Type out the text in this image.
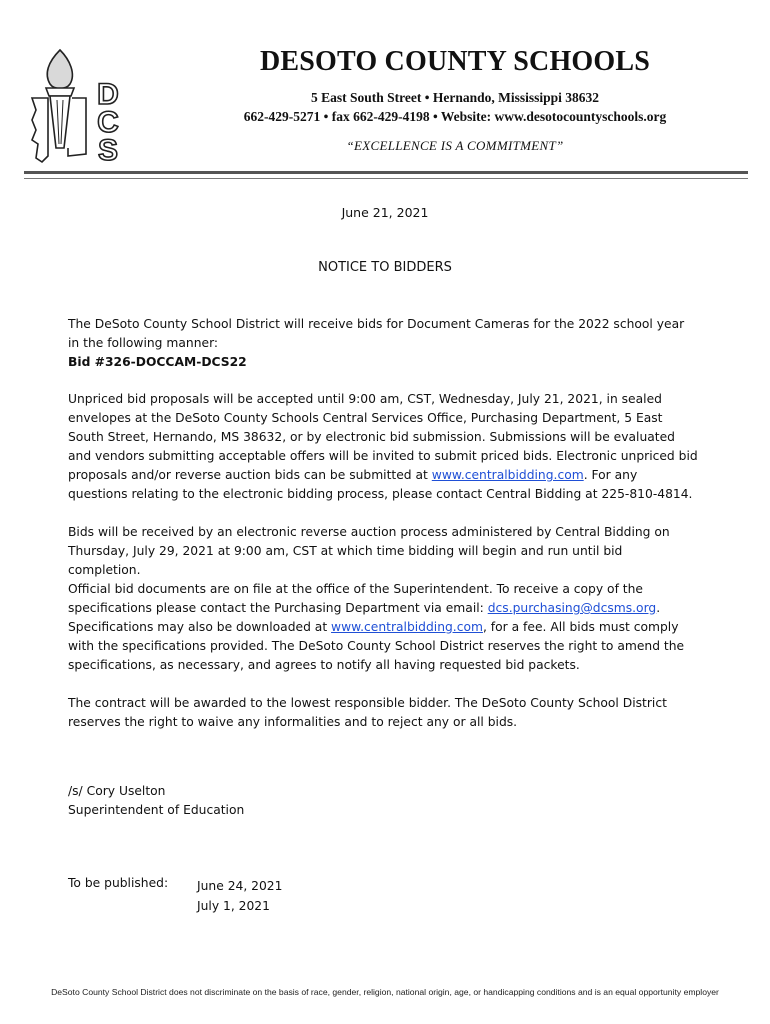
D
C
S
DESOTO COUNTY SCHOOLS
5 East South Street • Hernando, Mississippi 38632
662-429-5271 • fax 662-429-4198 • Website: www.desotocountyschools.org
“EXCELLENCE IS A COMMITMENT”
June 21, 2021
NOTICE TO BIDDERS

The DeSoto County School District will receive bids for Document Cameras for the 2022 school year in the following manner:

Bid #326-DOCCAM-DCS22

Unpriced bid proposals will be accepted until 9:00 am, CST, Wednesday, July 21, 2021, in sealed envelopes at the DeSoto County Schools Central Services Office, Purchasing Department, 5 East South Street, Hernando, MS 38632, or by electronic bid submission. Submissions will be evaluated and vendors submitting acceptable offers will be invited to submit priced bids. Electronic unpriced bid proposals and/or reverse auction bids can be submitted at www.centralbidding.com. For any questions relating to the electronic bidding process, please contact Central Bidding at 225-810-4814.

Bids will be received by an electronic reverse auction process administered by Central Bidding on Thursday, July 29, 2021 at 9:00 am, CST at which time bidding will begin and run until bid completion.

Official bid documents are on file at the office of the Superintendent. To receive a copy of the specifications please contact the Purchasing Department via email: dcs.purchasing@dcsms.org. Specifications may also be downloaded at www.centralbidding.com, for a fee. All bids must comply with the specifications provided. The DeSoto County School District reserves the right to amend the specifications, as necessary, and agrees to notify all having requested bid packets.

The contract will be awarded to the lowest responsible bidder. The DeSoto County School District reserves the right to waive any informalities and to reject any or all bids.

/s/ Cory Uselton
Superintendent of Education
To be published: June 24, 2021
July 1, 2021
DeSoto County School District does not discriminate on the basis of race, gender, religion, national origin, age, or handicapping conditions and is an equal opportunity employer
